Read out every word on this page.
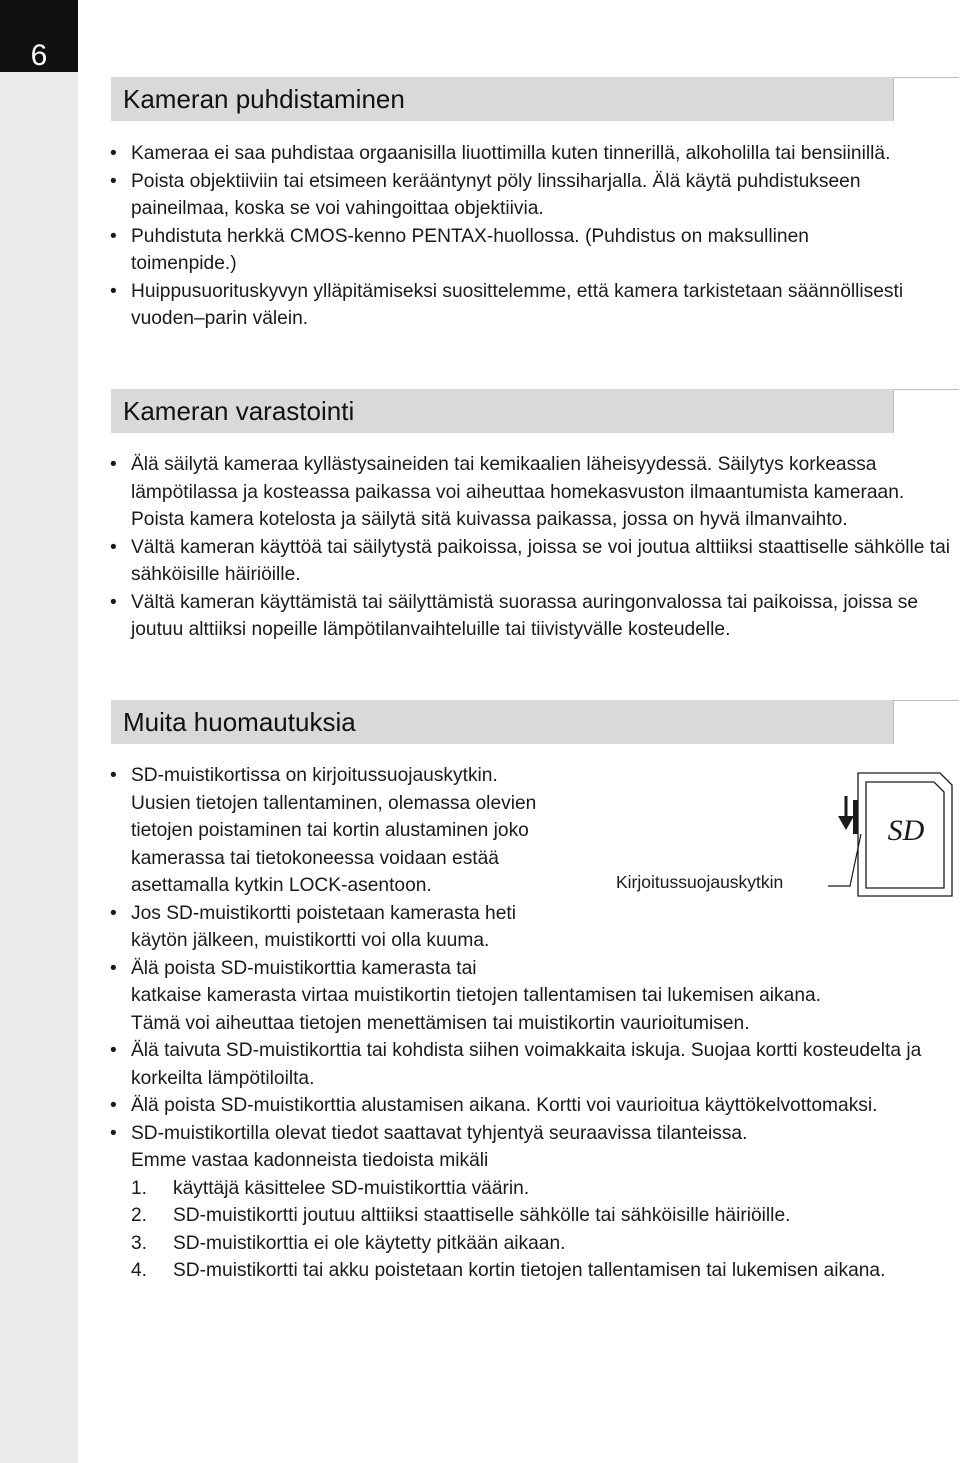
6
Kameran puhdistaminen
• Kameraa ei saa puhdistaa orgaanisilla liuottimilla kuten tinnerillä, alkoholilla tai bensiinillä.
• Poista objektiiviin tai etsimeen kerääntynyt pöly linssiharjalla. Älä käytä puhdistukseen paineilmaa, koska se voi vahingoittaa objektiivia.
• Puhdistuta herkkä CMOS-kenno PENTAX-huollossa. (Puhdistus on maksullinen toimenpide.)
• Huippusuorituskyvyn ylläpitämiseksi suosittelemme, että kamera tarkistetaan säännöllisesti vuoden–parin välein.
Kameran varastointi
• Älä säilytä kameraa kyllästysaineiden tai kemikaalien läheisyydessä. Säilytys korkeassa lämpötilassa ja kosteassa paikassa voi aiheuttaa homekasvuston ilmaantumista kameraan. Poista kamera kotelosta ja säilytä sitä kuivassa paikassa, jossa on hyvä ilmanvaihto.
• Vältä kameran käyttöä tai säilytystä paikoissa, joissa se voi joutua alttiiksi staattiselle sähkölle tai sähköisille häiriöille.
• Vältä kameran käyttämistä tai säilyttämistä suorassa auringonvalossa tai paikoissa, joissa se joutuu alttiiksi nopeille lämpötilanvaihteluille tai tiivistyvälle kosteudelle.
Muita huomautuksia
• SD-muistikortissa on kirjoitussuojauskytkin.
Uusien tietojen tallentaminen, olemassa olevien
tietojen poistaminen tai kortin alustaminen joko
kamerassa tai tietokoneessa voidaan estää
asettamalla kytkin LOCK-asentoon.
• Jos SD-muistikortti poistetaan kamerasta heti
käytön jälkeen, muistikortti voi olla kuuma.
• Älä poista SD-muistikorttia kamerasta tai
katkaise kamerasta virtaa muistikortin tietojen tallentamisen tai lukemisen aikana.
Tämä voi aiheuttaa tietojen menettämisen tai muistikortin vaurioitumisen.
• Älä taivuta SD-muistikorttia tai kohdista siihen voimakkaita iskuja. Suojaa kortti kosteudelta ja korkeilta lämpötiloilta.
• Älä poista SD-muistikorttia alustamisen aikana. Kortti voi vaurioitua käyttökelvottomaksi.
• SD-muistikortilla olevat tiedot saattavat tyhjentyä seuraavissa tilanteissa.
Emme vastaa kadonneista tiedoista mikäli
1. käyttäjä käsittelee SD-muistikorttia väärin.
2. SD-muistikortti joutuu alttiiksi staattiselle sähkölle tai sähköisille häiriöille.
3. SD-muistikorttia ei ole käytetty pitkään aikaan.
4. SD-muistikortti tai akku poistetaan kortin tietojen tallentamisen tai lukemisen aikana.
SD
Kirjoitussuojauskytkin
